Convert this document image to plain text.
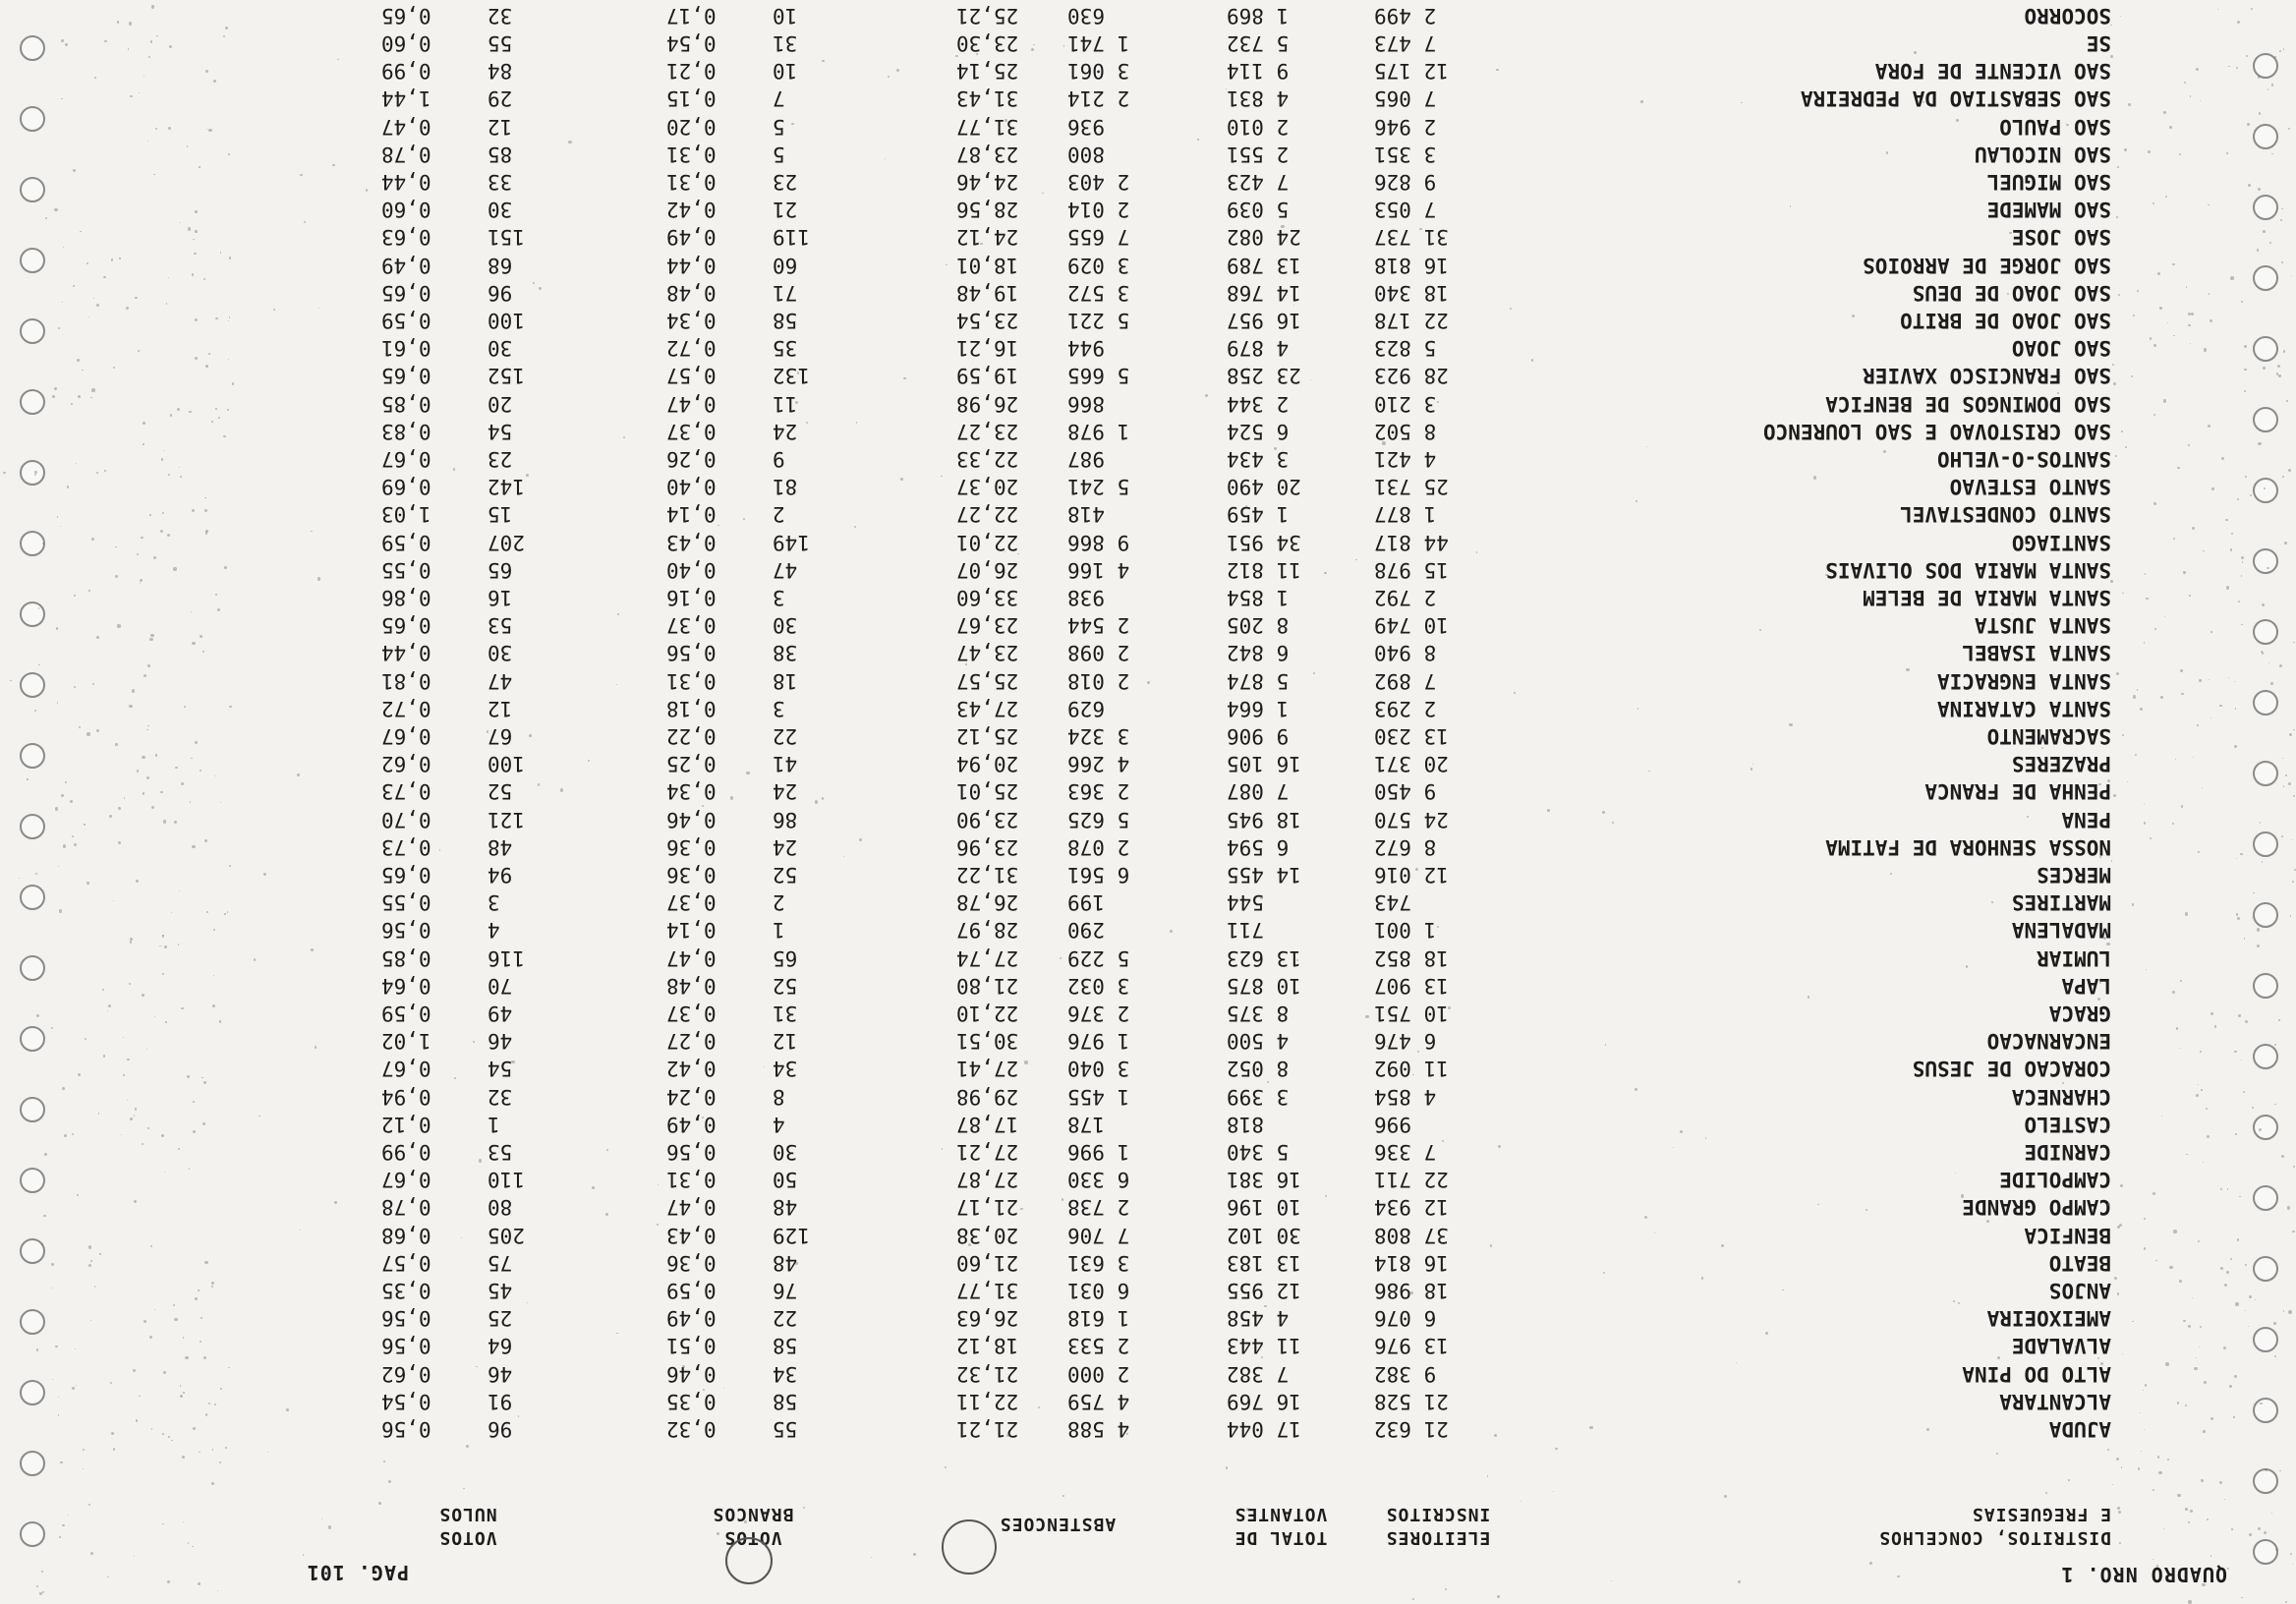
QUADRO NRO. 1
PAG. 101
DISTRITOS, CONCELHOS
E FREGUESIAS
ELEITORES
INSCRITOS
TOTAL DE
VOTANTES
ABSTENCOES
VOTOS
BRANCOS
VOTOS
NULOS
AJUDA
21 632
17 044
4 588
21,21
55
0,32
96
0,56
ALCANTARA
21 528
16 769
4 759
22,11
58
0,35
91
0,54
ALTO DO PINA
9 382
7 382
2 000
21,32
34
0,46
46
0,62
ALVALADE
13 976
11 443
2 533
18,12
58
0,51
64
0,56
AMEIXOEIRA
6 076
4 458
1 618
26,63
22
0,49
25
0,56
ANJOS
18 986
12 955
6 031
31,77
76
0,59
45
0,35
BEATO
16 814
13 183
3 631
21,60
48
0,36
75
0,57
BENFICA
37 808
30 102
7 706
20,38
129
0,43
205
0,68
CAMPO GRANDE
12 934
10 196
2 738
21,17
48
0,47
80
0,78
CAMPOLIDE
22 711
16 381
6 330
27,87
50
0,31
110
0,67
CARNIDE
7 336
5 340
1 996
27,21
30
0,56
53
0,99
CASTELO
996
818
178
17,87
4
0,49
1
0,12
CHARNECA
4 854
3 399
1 455
29,98
8
0,24
32
0,94
CORACAO DE JESUS
11 092
8 052
3 040
27,41
34
0,42
54
0,67
ENCARNACAO
6 476
4 500
1 976
30,51
12
0,27
46
1,02
GRACA
10 751
8 375
2 376
22,10
31
0,37
49
0,59
LAPA
13 907
10 875
3 032
21,80
52
0,48
70
0,64
LUMIAR
18 852
13 623
5 229
27,74
65
0,47
116
0,85
MADALENA
1 001
711
290
28,97
1
0,14
4
0,56
MARTIRES
743
544
199
26,78
2
0,37
3
0,55
MERCES
12 016
14 455
6 561
31,22
52
0,36
94
0,65
NOSSA SENHORA DE FATIMA
8 672
6 594
2 078
23,96
24
0,36
48
0,73
PENA
24 570
18 945
5 625
23,90
86
0,46
121
0,70
PENHA DE FRANCA
9 450
7 087
2 363
25,01
24
0,34
52
0,73
PRAZERES
20 371
16 105
4 266
20,94
41
0,25
100
0,62
SACRAMENTO
13 230
9 906
3 324
25,12
22
0,22
67
0,67
SANTA CATARINA
2 293
1 664
629
27,43
3
0,18
12
0,72
SANTA ENGRACIA
7 892
5 874
2 018
25,57
18
0,31
47
0,81
SANTA ISABEL
8 940
6 842
2 098
23,47
38
0,56
30
0,44
SANTA JUSTA
10 749
8 205
2 544
23,67
30
0,37
53
0,65
SANTA MARIA DE BELEM
2 792
1 854
938
33,60
3
0,16
16
0,86
SANTA MARIA DOS OLIVAIS
15 978
11 812
4 166
26,07
47
0,40
65
0,55
SANTIAGO
44 817
34 951
9 866
22,01
149
0,43
207
0,59
SANTO CONDESTAVEL
1 877
1 459
418
22,27
2
0,14
15
1,03
SANTO ESTEVAO
25 731
20 490
5 241
20,37
81
0,40
142
0,69
SANTOS-O-VELHO
4 421
3 434
987
22,33
9
0,26
23
0,67
SAO CRISTOVAO E SAO LOURENCO
8 502
6 524
1 978
23,27
24
0,37
54
0,83
SAO DOMINGOS DE BENFICA
3 210
2 344
866
26,98
11
0,47
20
0,85
SAO FRANCISCO XAVIER
28 923
23 258
5 665
19,59
132
0,57
152
0,65
SAO JOAO
5 823
4 879
944
16,21
35
0,72
30
0,61
SAO JOAO DE BRITO
22 178
16 957
5 221
23,54
58
0,34
100
0,59
SAO JOAO DE DEUS
18 340
14 768
3 572
19,48
71
0,48
96
0,65
SAO JORGE DE ARROIOS
16 818
13 789
3 029
18,01
60
0,44
68
0,49
SAO JOSE
31 737
24 082
7 655
24,12
119
0,49
151
0,63
SAO MAMEDE
7 053
5 039
2 014
28,56
21
0,42
30
0,60
SAO MIGUEL
9 826
7 423
2 403
24,46
23
0,31
33
0,44
SAO NICOLAU
3 351
2 551
800
23,87
5
0,31
85
0,78
SAO PAULO
2 946
2 010
936
31,77
5
0,20
12
0,47
SAO SEBASTIAO DA PEDREIRA
7 065
4 831
2 214
31,43
7
0,15
29
1,44
SAO VICENTE DE FORA
12 175
9 114
3 061
25,14
10
0,21
84
0,99
SE
7 473
5 732
1 741
23,30
31
0,54
55
0,60
SOCORRO
2 499
1 869
630
25,21
10
0,17
32
0,65
